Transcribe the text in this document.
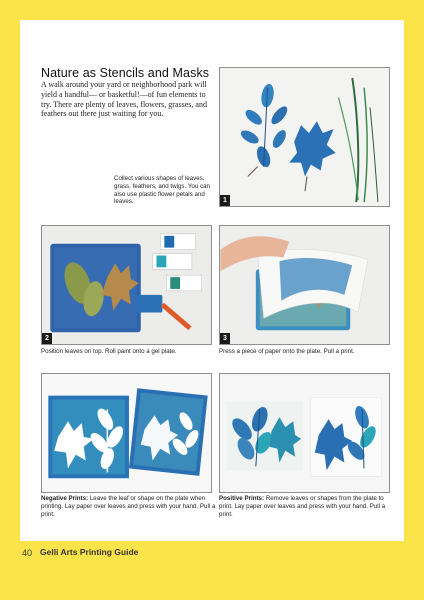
Nature as Stencils and Masks

A walk around your yard or neighborhood park will yield a handful— or basketful!—of fun elements to try. There are plenty of leaves, flowers, grasses, and feathers out there just waiting for you.

Collect various shapes of leaves, grass, feathers, and twigs. You can also use plastic flower petals and leaves.	1
2	3

Position leaves on top. Roll paint onto a gel plate.	Press a piece of paper onto the plate. Pull a print.

Negative Prints: Leave the leaf or shape on the plate when printing. Lay paper over leaves and press with your hand. Pull a print.

Positive Prints: Remove leaves or shapes from the plate to print. Lay paper over leaves and press with your hand. Pull a print.

40 Gelli Arts Printing Guide
